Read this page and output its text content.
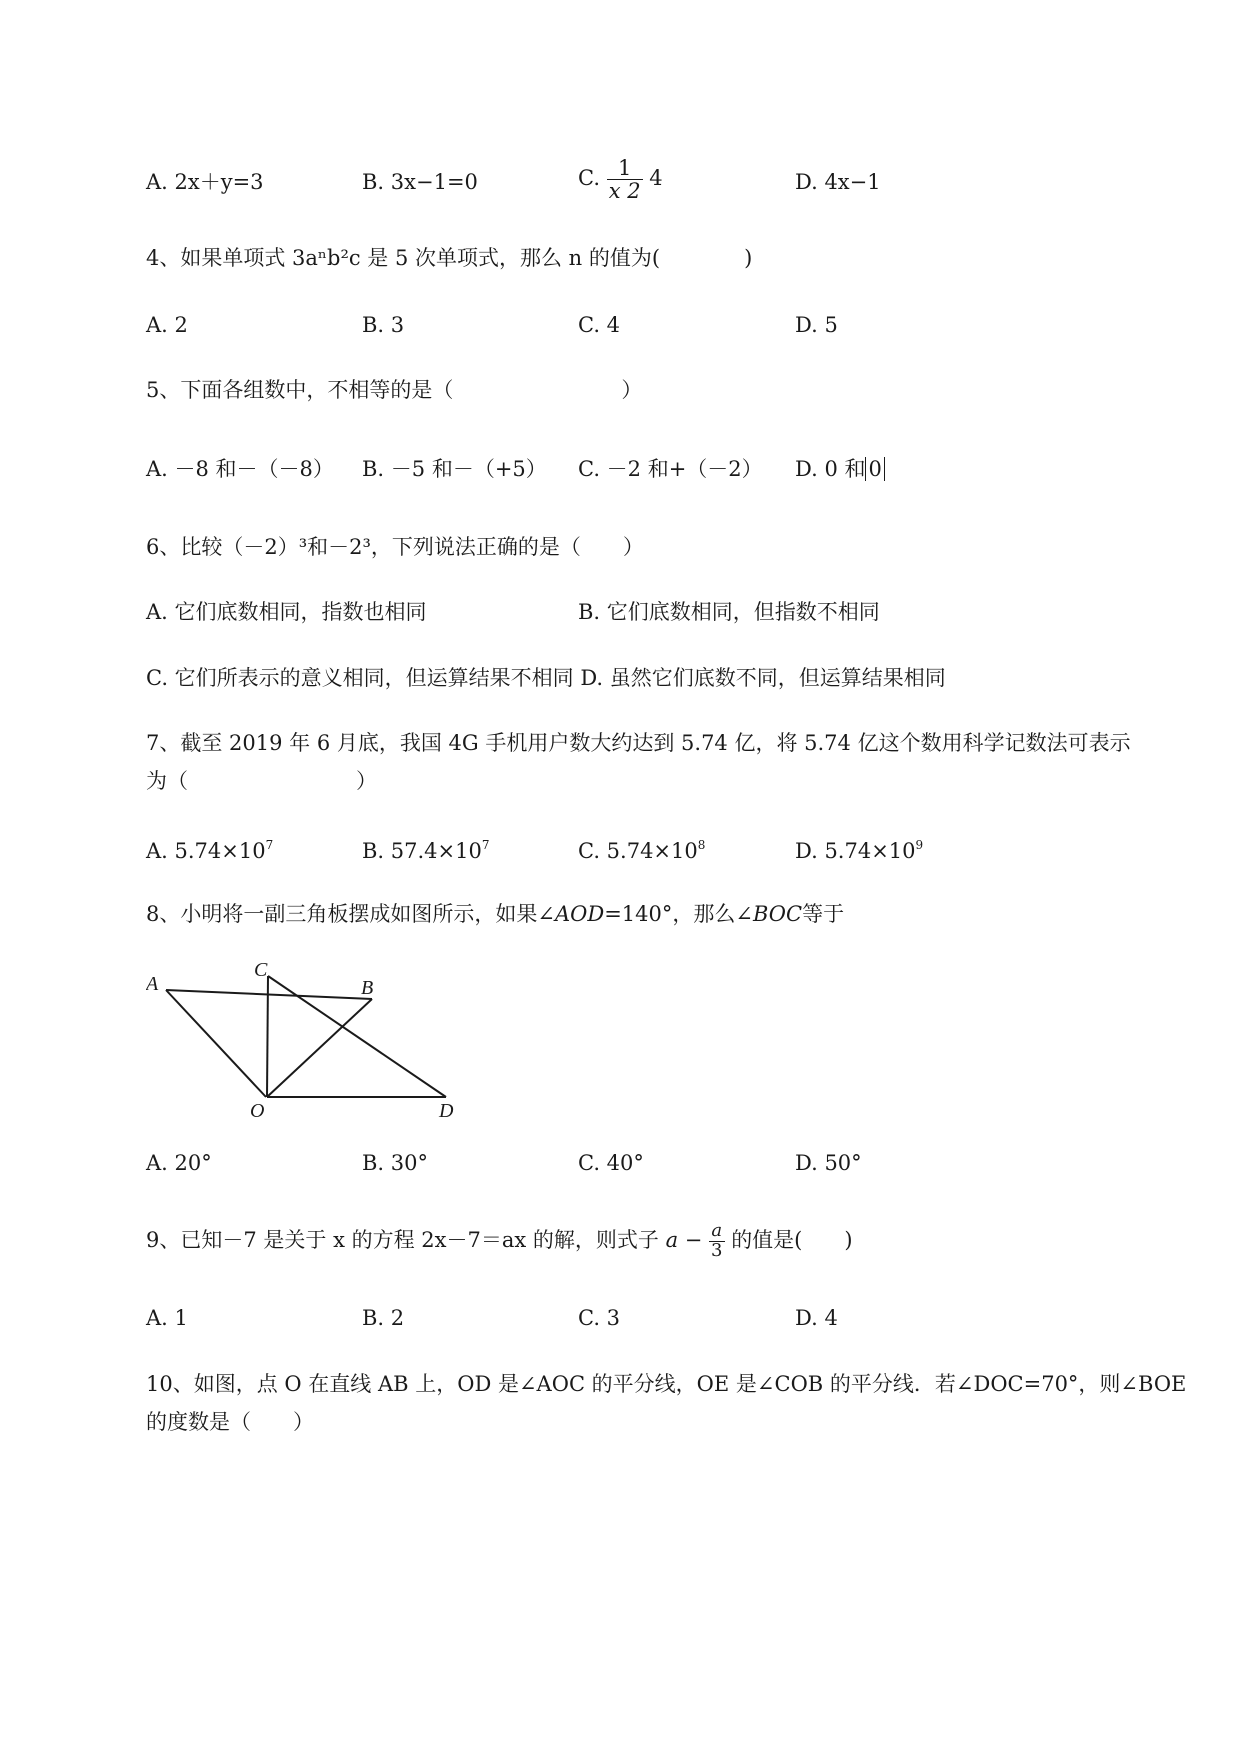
A. 2x＋y=3	B. 3x−1=0	C. $\frac{1}{x 2} 4$	D. 4x−1
4、如果单项式 3aⁿb²c 是 5 次单项式，那么 n 的值为(　　　　)
A. 2	B. 3	C. 4	D. 5
5、下面各组数中，不相等的是（　　　　　　　　）
A. －8 和－（－8） B. －5 和－（+5） C. －2 和+（－2） D. 0 和 0
6、比较（－2）³和－2³，下列说法正确的是（　　）
A. 它们底数相同，指数也相同	B. 它们底数相同，但指数不相同
C. 它们所表示的意义相同，但运算结果不相同 D. 虽然它们底数不同，但运算结果相同
7、截至 2019 年 6 月底，我国 4G 手机用户数大约达到 5.74 亿，将 5.74 亿这个数用科学记数法可表示
为（　　　　　　　　）
A. $5.74\times 10^7$	B. $57.4\times 10^7$	C. $5.74\times 10^8$	D. $5.74\times 10^9$
8、小明将一副三角板摆成如图所示，如果∠AOD=140°，那么∠BOC等于
A
C
B
O	D
A. 20°	B. 30°	C. 40°	D. 50°
9、已知－7 是关于 x 的方程 2x－7＝ax 的解，则式子 $a - \frac{a}{3}$ 的值是(　　)
A. 1	B. 2	C. 3	D. 4
10、如图，点 O 在直线 AB 上，OD 是∠AOC 的平分线，OE 是∠COB 的平分线．若∠DOC=70°，则∠BOE
的度数是（　　）
